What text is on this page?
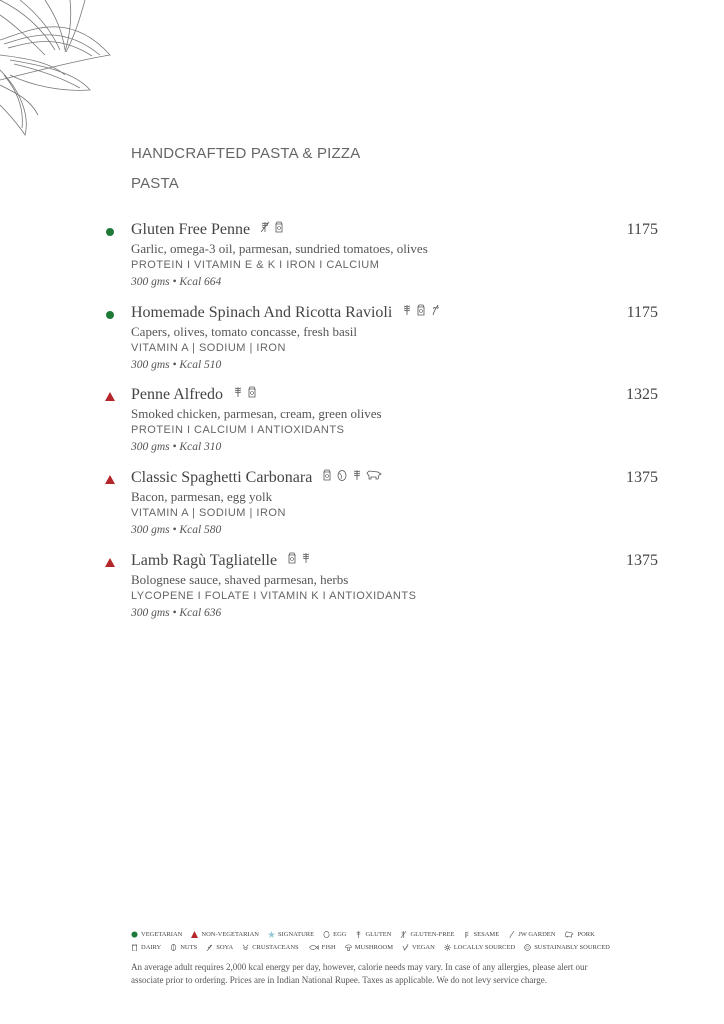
HANDCRAFTED PASTA & PIZZA
PASTA
Gluten Free Penne	1175
Garlic, omega-3 oil, parmesan, sundried tomatoes, olives
PROTEIN I VITAMIN E & K I IRON I CALCIUM
300 gms • Kcal 664
Homemade Spinach And Ricotta Ravioli	1175
Capers, olives, tomato concasse, fresh basil
VITAMIN A | SODIUM | IRON
300 gms • Kcal 510
Penne Alfredo	1325
Smoked chicken, parmesan, cream, green olives
PROTEIN I CALCIUM I ANTIOXIDANTS
300 gms • Kcal 310
Classic Spaghetti Carbonara	1375
Bacon, parmesan, egg yolk
VITAMIN A | SODIUM | IRON
300 gms • Kcal 580
Lamb Ragù Tagliatelle	1375
Bolognese sauce, shaved parmesan, herbs
LYCOPENE I FOLATE I VITAMIN K I ANTIOXIDANTS
300 gms • Kcal 636
VEGETARIAN	NON-VEGETARIAN	SIGNATURE	EGG	GLUTEN	GLUTEN-FREE	SESAME	JW GARDEN	PORK
DAIRY	NUTS	SOYA	CRUSTACEANS	FISH	MUSHROOM	VEGAN	LOCALLY SOURCED	SUSTAINABLY SOURCED
An average adult requires 2,000 kcal energy per day, however, calorie needs may vary. In case of any allergies, please alert our associate prior to ordering. Prices are in Indian National Rupee. Taxes as applicable. We do not levy service charge.
